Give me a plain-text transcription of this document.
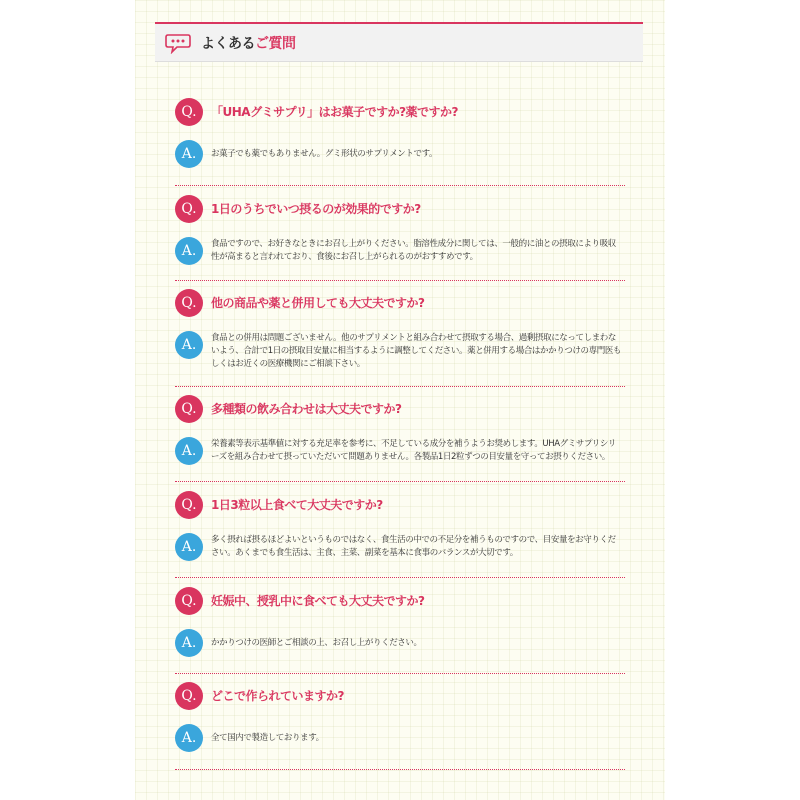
よくあるご質問
Q.	「UHAグミサプリ」はお菓子ですか?薬ですか?
A.	お菓子でも薬でもありません。グミ形状のサプリメントです。
Q.	1日のうちでいつ摂るのが効果的ですか?
A.	食品ですので、お好きなときにお召し上がりください。脂溶性成分に関しては、一般的に油との摂取により吸収性が高まると言われており、食後にお召し上がられるのがおすすめです。
Q.	他の商品や薬と併用しても大丈夫ですか?
A.	食品との併用は問題ございません。他のサプリメントと組み合わせて摂取する場合、過剰摂取になってしまわないよう、合計で1日の摂取目安量に相当するように調整してください。薬と併用する場合はかかりつけの専門医もしくはお近くの医療機関にご相談下さい。
Q.	多種類の飲み合わせは大丈夫ですか?
A.	栄養素等表示基準値に対する充足率を参考に、不足している成分を補うようお奨めします。UHAグミサプリシリーズを組み合わせて摂っていただいて問題ありません。各製品1日2粒ずつの目安量を守ってお摂りください。
Q.	1日3粒以上食べて大丈夫ですか?
A.	多く摂れば摂るほどよいというものではなく、食生活の中での不足分を補うものですので、目安量をお守りください。あくまでも食生活は、主食、主菜、副菜を基本に食事のバランスが大切です。
Q.	妊娠中、授乳中に食べても大丈夫ですか?
A.	かかりつけの医師とご相談の上、お召し上がりください。
Q.	どこで作られていますか?
A.	全て国内で製造しております。
